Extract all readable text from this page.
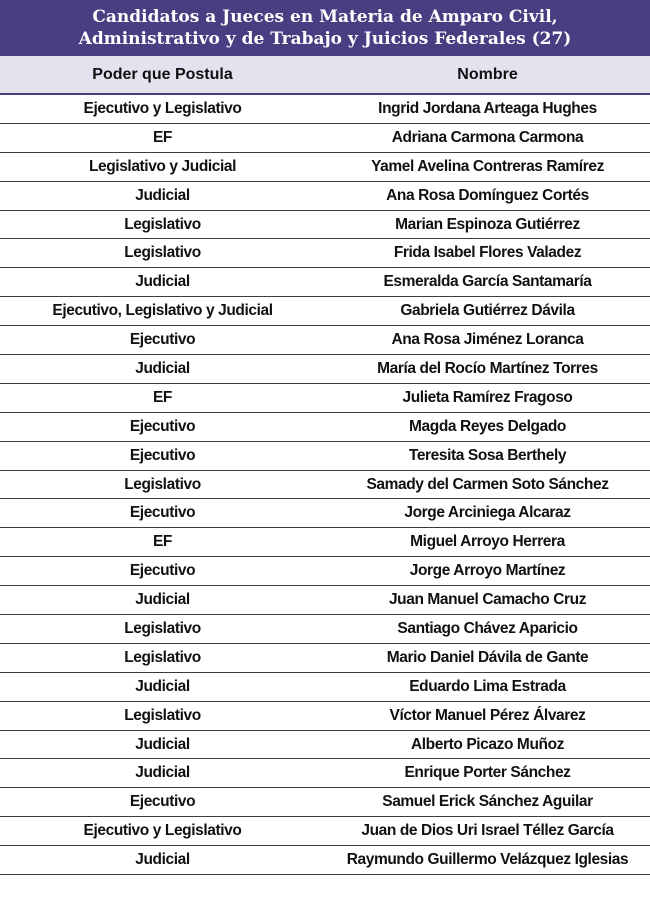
Candidatos a Jueces en Materia de Amparo Civil,
Administrativo y de Trabajo y Juicios Federales (27)
Poder que Postula	Nombre
Ejecutivo y Legislativo	Ingrid Jordana Arteaga Hughes
EF	Adriana Carmona Carmona
Legislativo y Judicial	Yamel Avelina Contreras Ramírez
Judicial	Ana Rosa Domínguez Cortés
Legislativo	Marian Espinoza Gutiérrez
Legislativo	Frida Isabel Flores Valadez
Judicial	Esmeralda García Santamaría
Ejecutivo, Legislativo y Judicial	Gabriela Gutiérrez Dávila
Ejecutivo	Ana Rosa Jiménez Loranca
Judicial	María del Rocío Martínez Torres
EF	Julieta Ramírez Fragoso
Ejecutivo	Magda Reyes Delgado
Ejecutivo	Teresita Sosa Berthely
Legislativo	Samady del Carmen Soto Sánchez
Ejecutivo	Jorge Arciniega Alcaraz
EF	Miguel Arroyo Herrera
Ejecutivo	Jorge Arroyo Martínez
Judicial	Juan Manuel Camacho Cruz
Legislativo	Santiago Chávez Aparicio
Legislativo	Mario Daniel Dávila de Gante
Judicial	Eduardo Lima Estrada
Legislativo	Víctor Manuel Pérez Álvarez
Judicial	Alberto Picazo Muñoz
Judicial	Enrique Porter Sánchez
Ejecutivo	Samuel Erick Sánchez Aguilar
Ejecutivo y Legislativo	Juan de Dios Uri Israel Téllez García
Judicial	Raymundo Guillermo Velázquez Iglesias
